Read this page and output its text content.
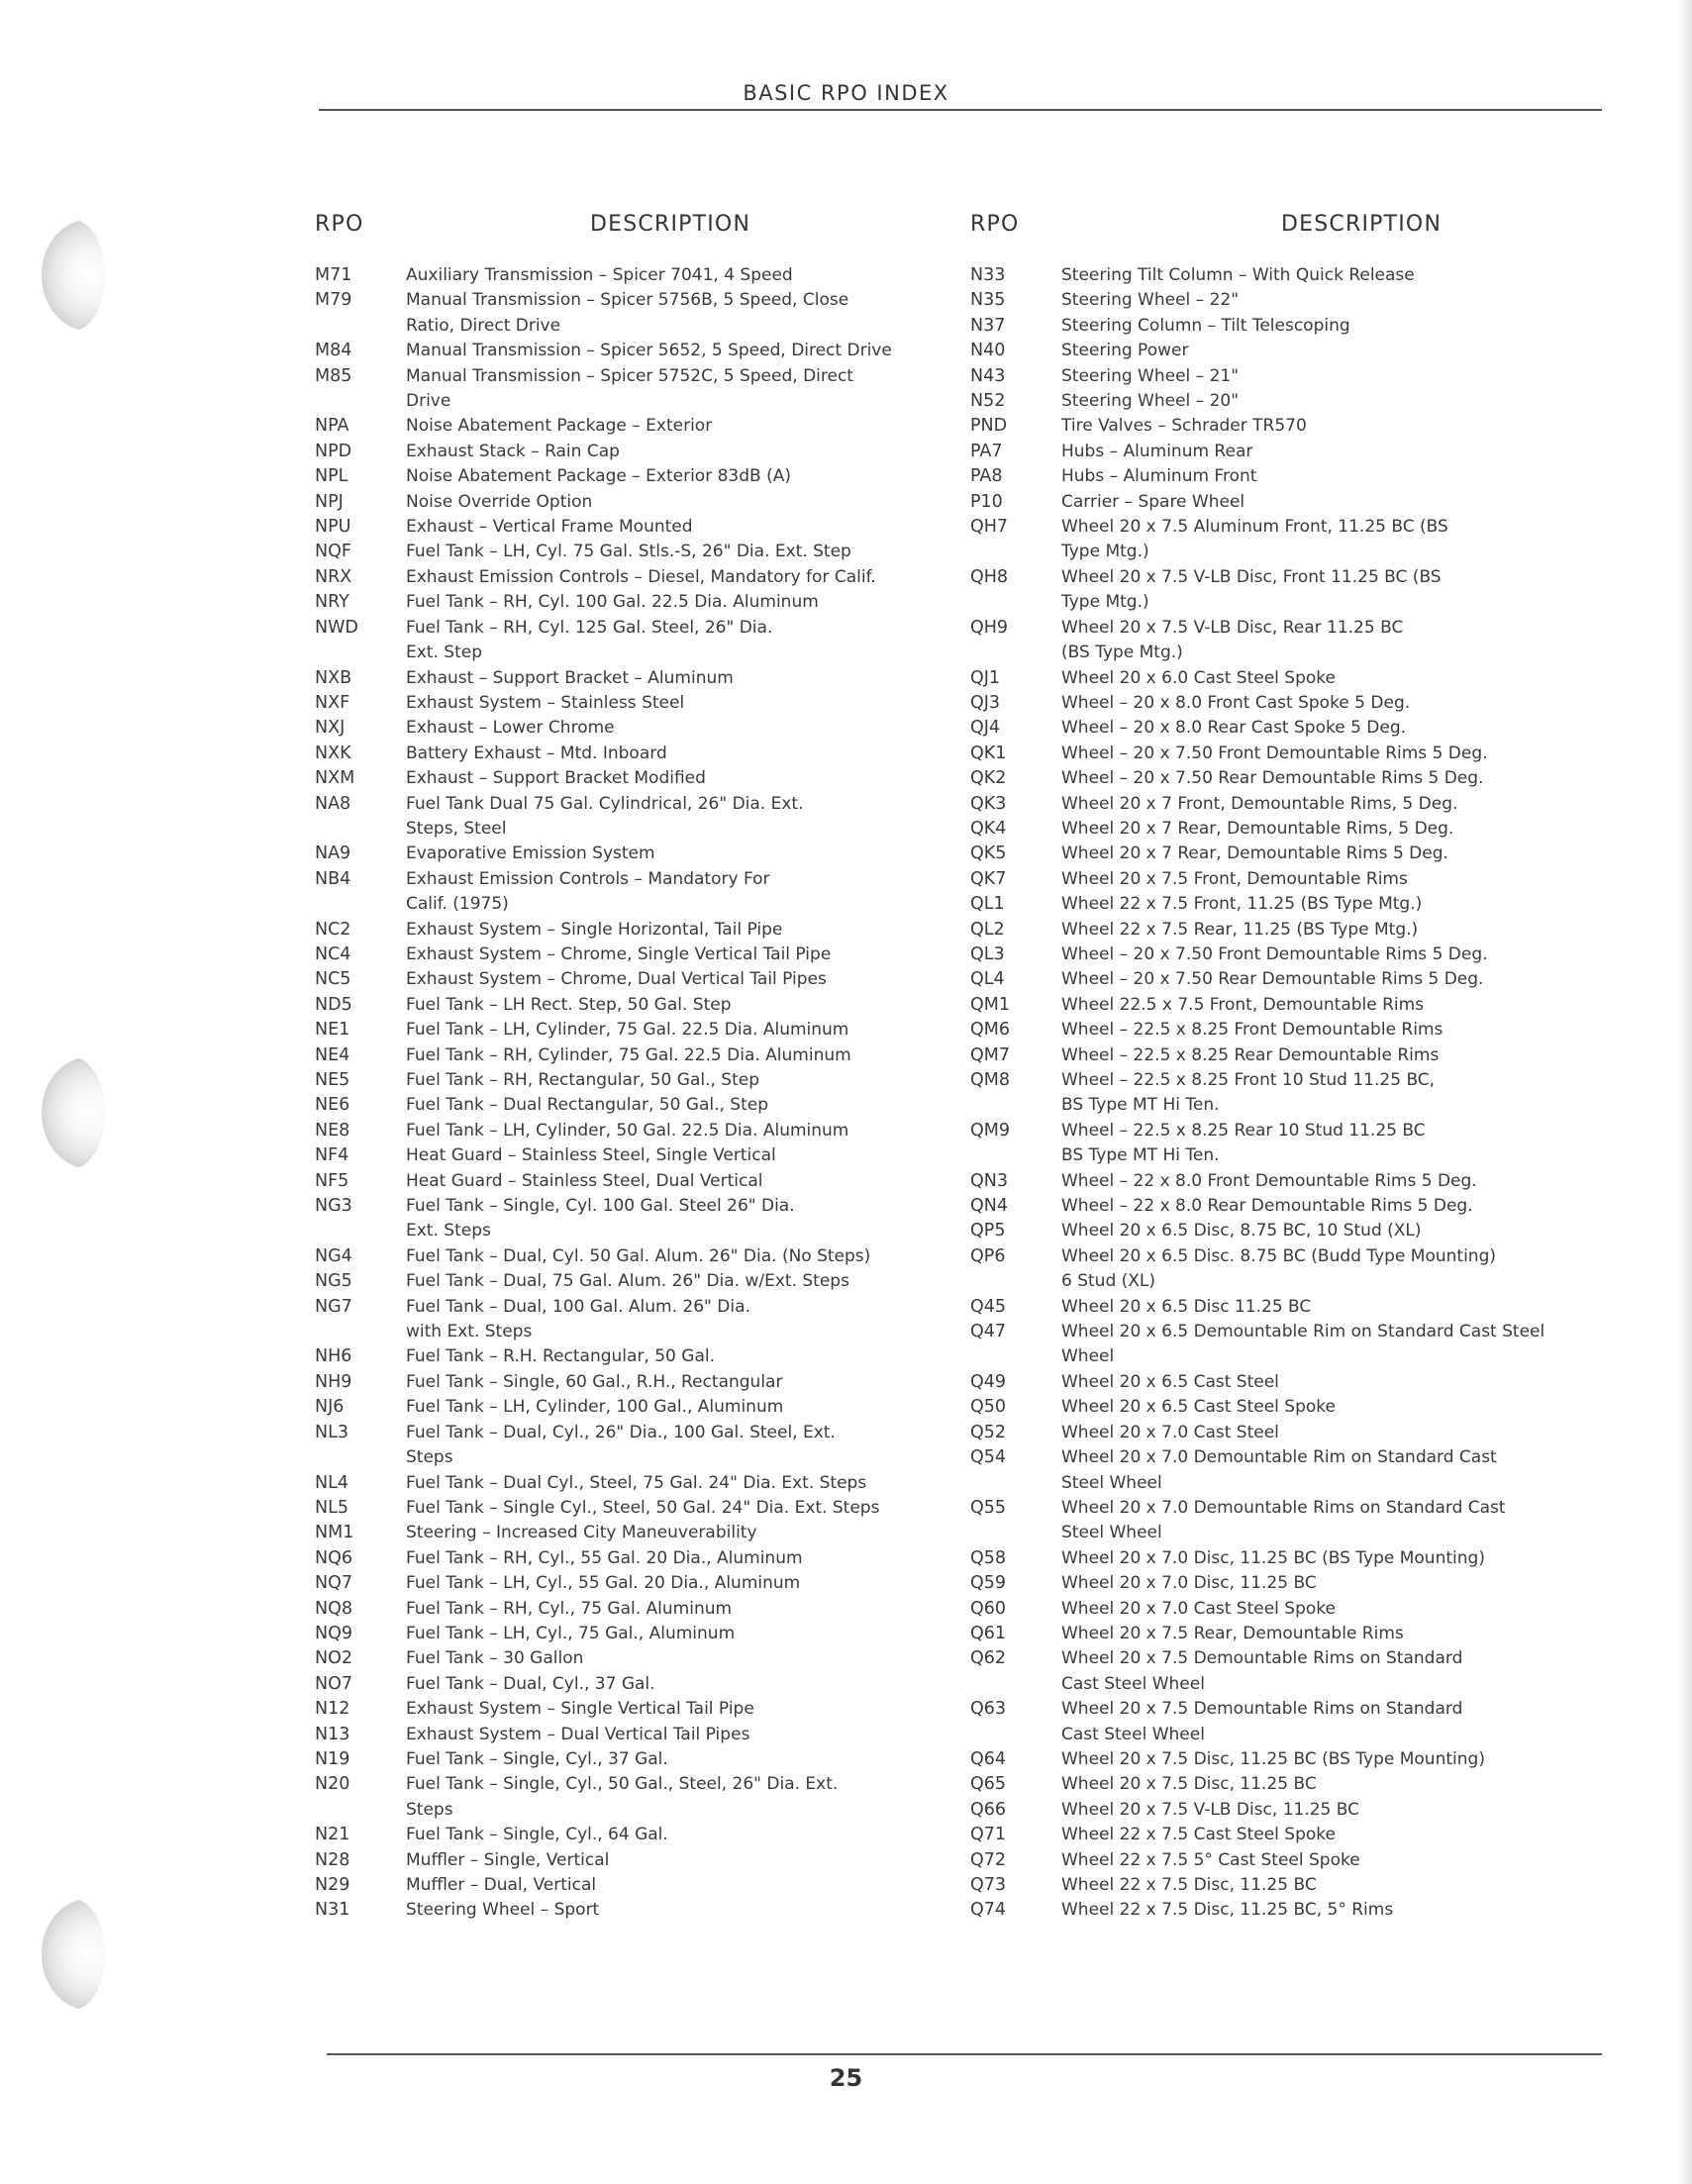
BASIC RPO INDEX
RPO	DESCRIPTION	RPO	DESCRIPTION
M71	Auxiliary Transmission – Spicer 7041, 4 Speed
M79	Manual Transmission – Spicer 5756B, 5 Speed, Close
Ratio, Direct Drive
M84	Manual Transmission – Spicer 5652, 5 Speed, Direct Drive
M85	Manual Transmission – Spicer 5752C, 5 Speed, Direct
Drive
NPA	Noise Abatement Package – Exterior
NPD	Exhaust Stack – Rain Cap
NPL	Noise Abatement Package – Exterior 83dB (A)
NPJ	Noise Override Option
NPU	Exhaust – Vertical Frame Mounted
NQF	Fuel Tank – LH, Cyl. 75 Gal. Stls.-S, 26" Dia. Ext. Step
NRX	Exhaust Emission Controls – Diesel, Mandatory for Calif.
NRY	Fuel Tank – RH, Cyl. 100 Gal. 22.5 Dia. Aluminum
NWD	Fuel Tank – RH, Cyl. 125 Gal. Steel, 26" Dia.
Ext. Step
NXB	Exhaust – Support Bracket – Aluminum
NXF	Exhaust System – Stainless Steel
NXJ	Exhaust – Lower Chrome
NXK	Battery Exhaust – Mtd. Inboard
NXM	Exhaust – Support Bracket Modified
NA8	Fuel Tank Dual 75 Gal. Cylindrical, 26" Dia. Ext.
Steps, Steel
NA9	Evaporative Emission System
NB4	Exhaust Emission Controls – Mandatory For
Calif. (1975)
NC2	Exhaust System – Single Horizontal, Tail Pipe
NC4	Exhaust System – Chrome, Single Vertical Tail Pipe
NC5	Exhaust System – Chrome, Dual Vertical Tail Pipes
ND5	Fuel Tank – LH Rect. Step, 50 Gal. Step
NE1	Fuel Tank – LH, Cylinder, 75 Gal. 22.5 Dia. Aluminum
NE4	Fuel Tank – RH, Cylinder, 75 Gal. 22.5 Dia. Aluminum
NE5	Fuel Tank – RH, Rectangular, 50 Gal., Step
NE6	Fuel Tank – Dual Rectangular, 50 Gal., Step
NE8	Fuel Tank – LH, Cylinder, 50 Gal. 22.5 Dia. Aluminum
NF4	Heat Guard – Stainless Steel, Single Vertical
NF5	Heat Guard – Stainless Steel, Dual Vertical
NG3	Fuel Tank – Single, Cyl. 100 Gal. Steel 26" Dia.
Ext. Steps
NG4	Fuel Tank – Dual, Cyl. 50 Gal. Alum. 26" Dia. (No Steps)
NG5	Fuel Tank – Dual, 75 Gal. Alum. 26" Dia. w/Ext. Steps
NG7	Fuel Tank – Dual, 100 Gal. Alum. 26" Dia.
with Ext. Steps
NH6	Fuel Tank – R.H. Rectangular, 50 Gal.
NH9	Fuel Tank – Single, 60 Gal., R.H., Rectangular
NJ6	Fuel Tank – LH, Cylinder, 100 Gal., Aluminum
NL3	Fuel Tank – Dual, Cyl., 26" Dia., 100 Gal. Steel, Ext.
Steps
NL4	Fuel Tank – Dual Cyl., Steel, 75 Gal. 24" Dia. Ext. Steps
NL5	Fuel Tank – Single Cyl., Steel, 50 Gal. 24" Dia. Ext. Steps
NM1	Steering – Increased City Maneuverability
NQ6	Fuel Tank – RH, Cyl., 55 Gal. 20 Dia., Aluminum
NQ7	Fuel Tank – LH, Cyl., 55 Gal. 20 Dia., Aluminum
NQ8	Fuel Tank – RH, Cyl., 75 Gal. Aluminum
NQ9	Fuel Tank – LH, Cyl., 75 Gal., Aluminum
NO2	Fuel Tank – 30 Gallon
NO7	Fuel Tank – Dual, Cyl., 37 Gal.
N12	Exhaust System – Single Vertical Tail Pipe
N13	Exhaust System – Dual Vertical Tail Pipes
N19	Fuel Tank – Single, Cyl., 37 Gal.
N20	Fuel Tank – Single, Cyl., 50 Gal., Steel, 26" Dia. Ext.
Steps
N21	Fuel Tank – Single, Cyl., 64 Gal.
N28	Muffler – Single, Vertical
N29	Muffler – Dual, Vertical
N31	Steering Wheel – Sport
N33	Steering Tilt Column – With Quick Release
N35	Steering Wheel – 22"
N37	Steering Column – Tilt Telescoping
N40	Steering Power
N43	Steering Wheel – 21"
N52	Steering Wheel – 20"
PND	Tire Valves – Schrader TR570
PA7	Hubs – Aluminum Rear
PA8	Hubs – Aluminum Front
P10	Carrier – Spare Wheel
QH7	Wheel 20 x 7.5 Aluminum Front, 11.25 BC (BS
Type Mtg.)
QH8	Wheel 20 x 7.5 V-LB Disc, Front 11.25 BC (BS
Type Mtg.)
QH9	Wheel 20 x 7.5 V-LB Disc, Rear 11.25 BC
(BS Type Mtg.)
QJ1	Wheel 20 x 6.0 Cast Steel Spoke
QJ3	Wheel – 20 x 8.0 Front Cast Spoke 5 Deg.
QJ4	Wheel – 20 x 8.0 Rear Cast Spoke 5 Deg.
QK1	Wheel – 20 x 7.50 Front Demountable Rims 5 Deg.
QK2	Wheel – 20 x 7.50 Rear Demountable Rims 5 Deg.
QK3	Wheel 20 x 7 Front, Demountable Rims, 5 Deg.
QK4	Wheel 20 x 7 Rear, Demountable Rims, 5 Deg.
QK5	Wheel 20 x 7 Rear, Demountable Rims 5 Deg.
QK7	Wheel 20 x 7.5 Front, Demountable Rims
QL1	Wheel 22 x 7.5 Front, 11.25 (BS Type Mtg.)
QL2	Wheel 22 x 7.5 Rear, 11.25 (BS Type Mtg.)
QL3	Wheel – 20 x 7.50 Front Demountable Rims 5 Deg.
QL4	Wheel – 20 x 7.50 Rear Demountable Rims 5 Deg.
QM1	Wheel 22.5 x 7.5 Front, Demountable Rims
QM6	Wheel – 22.5 x 8.25 Front Demountable Rims
QM7	Wheel – 22.5 x 8.25 Rear Demountable Rims
QM8	Wheel – 22.5 x 8.25 Front 10 Stud 11.25 BC,
BS Type MT Hi Ten.
QM9	Wheel – 22.5 x 8.25 Rear 10 Stud 11.25 BC
BS Type MT Hi Ten.
QN3	Wheel – 22 x 8.0 Front Demountable Rims 5 Deg.
QN4	Wheel – 22 x 8.0 Rear Demountable Rims 5 Deg.
QP5	Wheel 20 x 6.5 Disc, 8.75 BC, 10 Stud (XL)
QP6	Wheel 20 x 6.5 Disc. 8.75 BC (Budd Type Mounting)
6 Stud (XL)
Q45	Wheel 20 x 6.5 Disc 11.25 BC
Q47	Wheel 20 x 6.5 Demountable Rim on Standard Cast Steel
Wheel
Q49	Wheel 20 x 6.5 Cast Steel
Q50	Wheel 20 x 6.5 Cast Steel Spoke
Q52	Wheel 20 x 7.0 Cast Steel
Q54	Wheel 20 x 7.0 Demountable Rim on Standard Cast
Steel Wheel
Q55	Wheel 20 x 7.0 Demountable Rims on Standard Cast
Steel Wheel
Q58	Wheel 20 x 7.0 Disc, 11.25 BC (BS Type Mounting)
Q59	Wheel 20 x 7.0 Disc, 11.25 BC
Q60	Wheel 20 x 7.0 Cast Steel Spoke
Q61	Wheel 20 x 7.5 Rear, Demountable Rims
Q62	Wheel 20 x 7.5 Demountable Rims on Standard
Cast Steel Wheel
Q63	Wheel 20 x 7.5 Demountable Rims on Standard
Cast Steel Wheel
Q64	Wheel 20 x 7.5 Disc, 11.25 BC (BS Type Mounting)
Q65	Wheel 20 x 7.5 Disc, 11.25 BC
Q66	Wheel 20 x 7.5 V-LB Disc, 11.25 BC
Q71	Wheel 22 x 7.5 Cast Steel Spoke
Q72	Wheel 22 x 7.5 5° Cast Steel Spoke
Q73	Wheel 22 x 7.5 Disc, 11.25 BC
Q74	Wheel 22 x 7.5 Disc, 11.25 BC, 5° Rims
25
